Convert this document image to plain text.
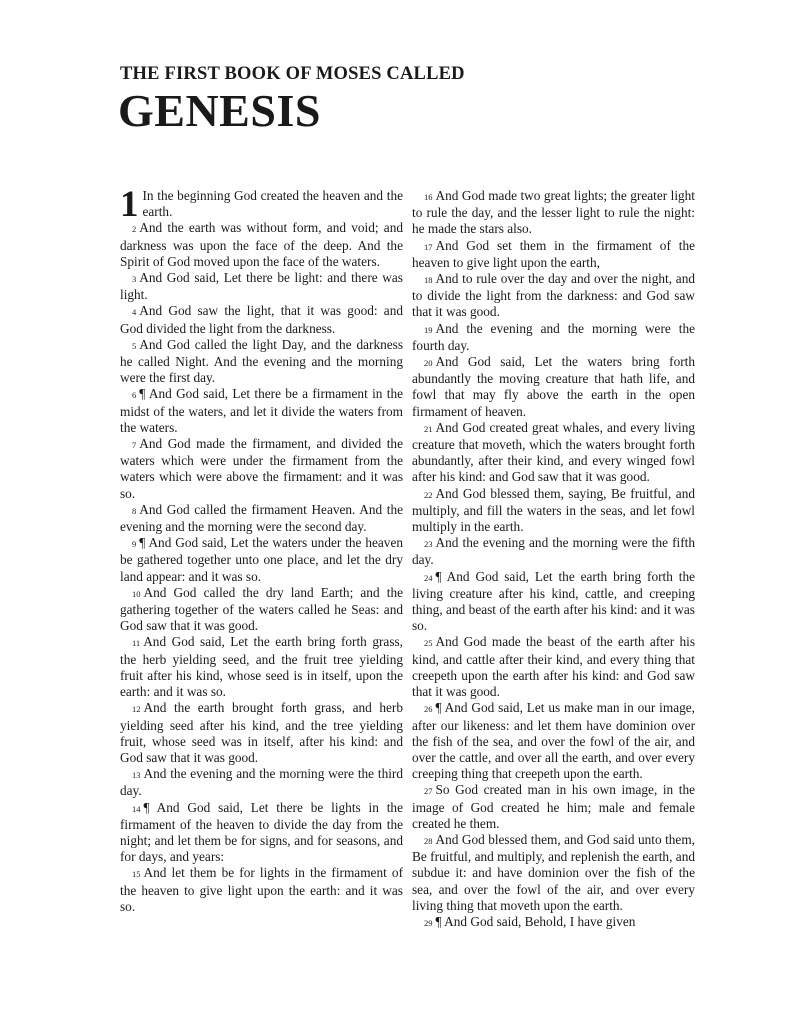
THE FIRST BOOK OF MOSES CALLED
GENESIS
1 In the beginning God created the heaven and the earth.
2 And the earth was without form, and void; and darkness was upon the face of the deep. And the Spirit of God moved upon the face of the waters.
3 And God said, Let there be light: and there was light.
4 And God saw the light, that it was good: and God divided the light from the darkness.
5 And God called the light Day, and the darkness he called Night. And the evening and the morning were the first day.
6 ¶ And God said, Let there be a firmament in the midst of the waters, and let it divide the waters from the waters.
7 And God made the firmament, and divided the waters which were under the firmament from the waters which were above the firmament: and it was so.
8 And God called the firmament Heaven. And the evening and the morning were the second day.
9 ¶ And God said, Let the waters under the heaven be gathered together unto one place, and let the dry land appear: and it was so.
10 And God called the dry land Earth; and the gathering together of the waters called he Seas: and God saw that it was good.
11 And God said, Let the earth bring forth grass, the herb yielding seed, and the fruit tree yielding fruit after his kind, whose seed is in itself, upon the earth: and it was so.
12 And the earth brought forth grass, and herb yielding seed after his kind, and the tree yielding fruit, whose seed was in itself, after his kind: and God saw that it was good.
13 And the evening and the morning were the third day.
14 ¶ And God said, Let there be lights in the firmament of the heaven to divide the day from the night; and let them be for signs, and for seasons, and for days, and years:
15 And let them be for lights in the firmament of the heaven to give light upon the earth: and it was so.
16 And God made two great lights; the greater light to rule the day, and the lesser light to rule the night: he made the stars also.
17 And God set them in the firmament of the heaven to give light upon the earth,
18 And to rule over the day and over the night, and to divide the light from the darkness: and God saw that it was good.
19 And the evening and the morning were the fourth day.
20 And God said, Let the waters bring forth abundantly the moving creature that hath life, and fowl that may fly above the earth in the open firmament of heaven.
21 And God created great whales, and every living creature that moveth, which the waters brought forth abundantly, after their kind, and every winged fowl after his kind: and God saw that it was good.
22 And God blessed them, saying, Be fruitful, and multiply, and fill the waters in the seas, and let fowl multiply in the earth.
23 And the evening and the morning were the fifth day.
24 ¶ And God said, Let the earth bring forth the living creature after his kind, cattle, and creeping thing, and beast of the earth after his kind: and it was so.
25 And God made the beast of the earth after his kind, and cattle after their kind, and every thing that creepeth upon the earth after his kind: and God saw that it was good.
26 ¶ And God said, Let us make man in our image, after our likeness: and let them have dominion over the fish of the sea, and over the fowl of the air, and over the cattle, and over all the earth, and over every creeping thing that creepeth upon the earth.
27 So God created man in his own image, in the image of God created he him; male and female created he them.
28 And God blessed them, and God said unto them, Be fruitful, and multiply, and replenish the earth, and subdue it: and have dominion over the fish of the sea, and over the fowl of the air, and over every living thing that moveth upon the earth.
29 ¶ And God said, Behold, I have given
